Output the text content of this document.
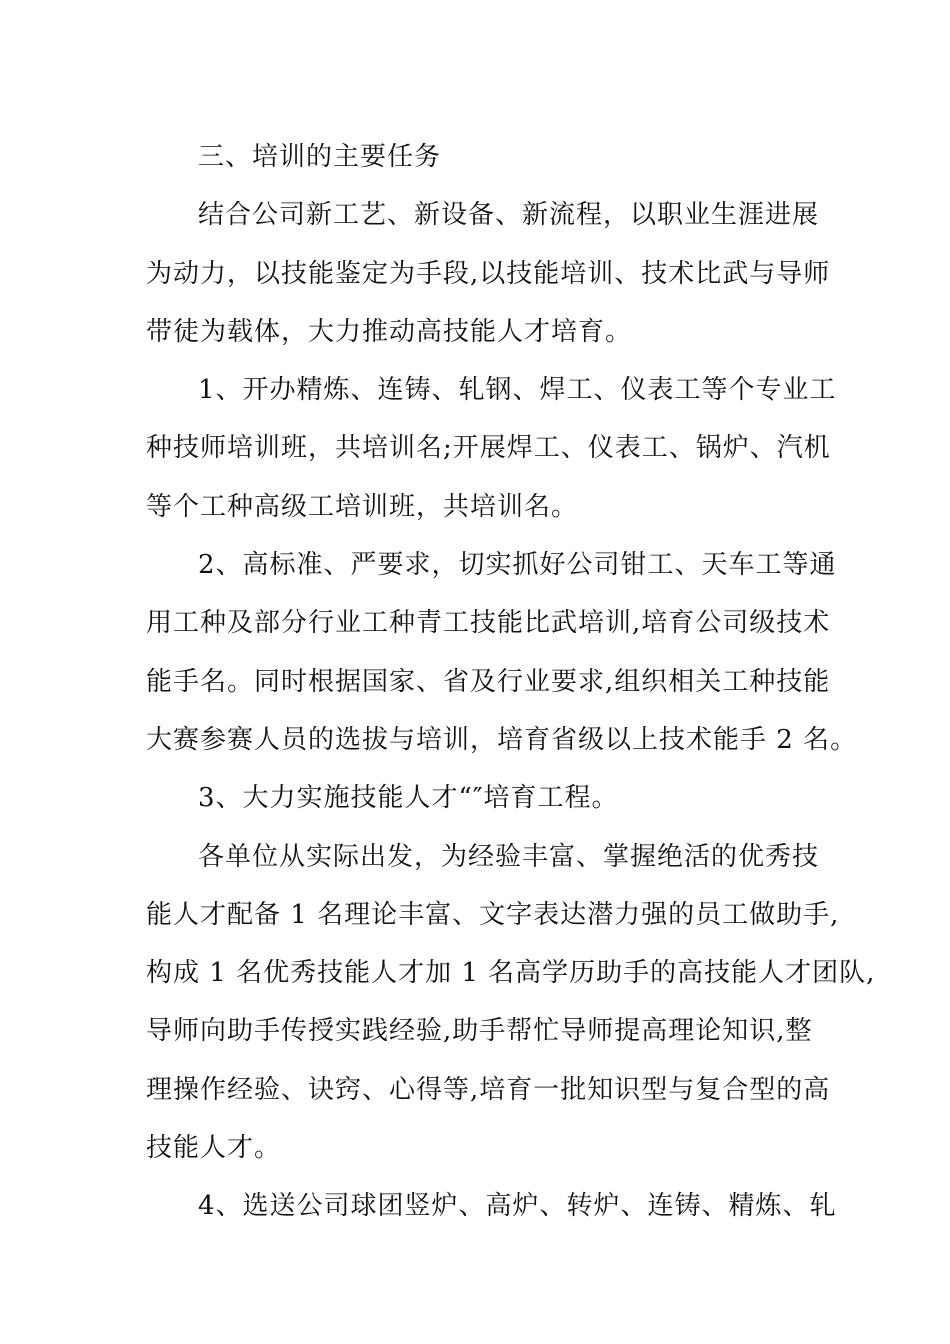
三、培训的主要任务
结合公司新工艺、新设备、新流程，以职业生涯进展
为动力，以技能鉴定为手段,以技能培训、技术比武与导师
带徒为载体，大力推动高技能人才培育。
1、开办精炼、连铸、轧钢、焊工、仪表工等个专业工
种技师培训班，共培训名;开展焊工、仪表工、锅炉、汽机
等个工种高级工培训班，共培训名。
2、高标准、严要求，切实抓好公司钳工、天车工等通
用工种及部分行业工种青工技能比武培训,培育公司级技术
能手名。同时根据国家、省及行业要求,组织相关工种技能
大赛参赛人员的选拔与培训，培育省级以上技术能手 2 名。
3、大力实施技能人才“″培育工程。
各单位从实际出发，为经验丰富、掌握绝活的优秀技
能人才配备 1 名理论丰富、文字表达潜力强的员工做助手,
构成 1 名优秀技能人才加 1 名高学历助手的高技能人才团队,
导师向助手传授实践经验,助手帮忙导师提高理论知识,整
理操作经验、诀窍、心得等,培育一批知识型与复合型的高
技能人才。
4、选送公司球团竖炉、高炉、转炉、连铸、精炼、轧
